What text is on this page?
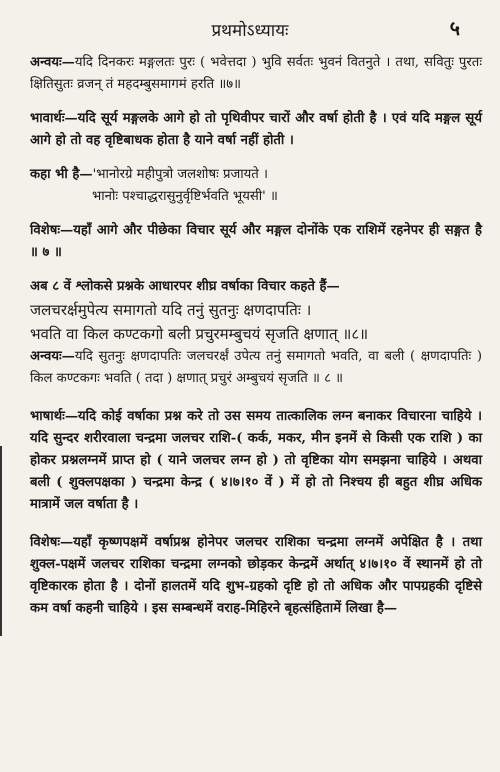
प्रथमोऽध्यायः	५

अन्वयः—यदि दिनकरः मङ्गलतः पुरः ( भवेत्तदा ) भुवि सर्वतः भुवनं वितनुते । तथा, सवितुः पुरतः क्षितिसुतः व्रजन् तं महदम्बुसमागमं हरति ॥७॥

भावार्थः—यदि सूर्य मङ्गलके आगे हो तो पृथिवीपर चारों और वर्षा होती है । एवं यदि मङ्गल सूर्य आगे हो तो वह वृष्टिबाधक होता है याने वर्षा नहीं होती ।

कहा भी है—'भानोरग्रे महीपुत्रो जलशोषः प्रजायते ।

भानोः पश्चाद्धरासुनुर्वृष्टिर्भवति भूयसी' ॥

विशेषः—यहाँ आगे और पीछेका विचार सूर्य और मङ्गल दोनोंके एक राशिमें रहनेपर ही सङ्गत है ॥ ७ ॥

अब ८ वें श्लोकसे प्रश्नके आधारपर शीघ्र वर्षाका विचार कहते हैं—

जलचरर्क्षमुपेत्य समागतो यदि तनुं सुतनुः क्षणदापतिः ।

भवति वा किल कण्टकगो बली प्रचुरमम्बुचयं सृजति क्षणात् ॥८॥

अन्वयः—यदि सुतनुः क्षणदापतिः जलचरर्क्षं उपेत्य तनुं समागतो भवति, वा बली ( क्षणदापतिः ) किल कण्टकगः भवति ( तदा ) क्षणात् प्रचुरं अम्बुचयं सृजति ॥ ८ ॥

भाषार्थः—यदि कोई वर्षाका प्रश्न करे तो उस समय तात्कालिक लग्न बनाकर विचारना चाहिये । यदि सुन्दर शरीरवाला चन्द्रमा जलचर राशि-( कर्क, मकर, मीन इनमें से किसी एक राशि ) का होकर प्रश्नलग्नमें प्राप्त हो ( याने जलचर लग्न हो ) तो वृष्टिका योग समझना चाहिये । अथवा बली ( शुक्लपक्षका ) चन्द्रमा केन्द्र ( ४।७।१० वें ) में हो तो निश्चय ही बहुत शीघ्र अधिक मात्रामें जल वर्षाता है ।

विशेषः—यहाँ कृष्णपक्षमें वर्षाप्रश्न होनेपर जलचर राशिका चन्द्रमा लग्नमें अपेक्षित है । तथा शुक्ल-पक्षमें जलचर राशिका चन्द्रमा लग्नको छोड़कर केन्द्रमें अर्थात् ४।७।१० वें स्थानमें हो तो वृष्टिकारक होता है । दोनों हालतमें यदि शुभ-ग्रहको दृष्टि हो तो अधिक और पापग्रहकी दृष्टिसे कम वर्षा कहनी चाहिये । इस सम्बन्धमें वराह-मिहिरने बृहत्संहितामें लिखा है—
